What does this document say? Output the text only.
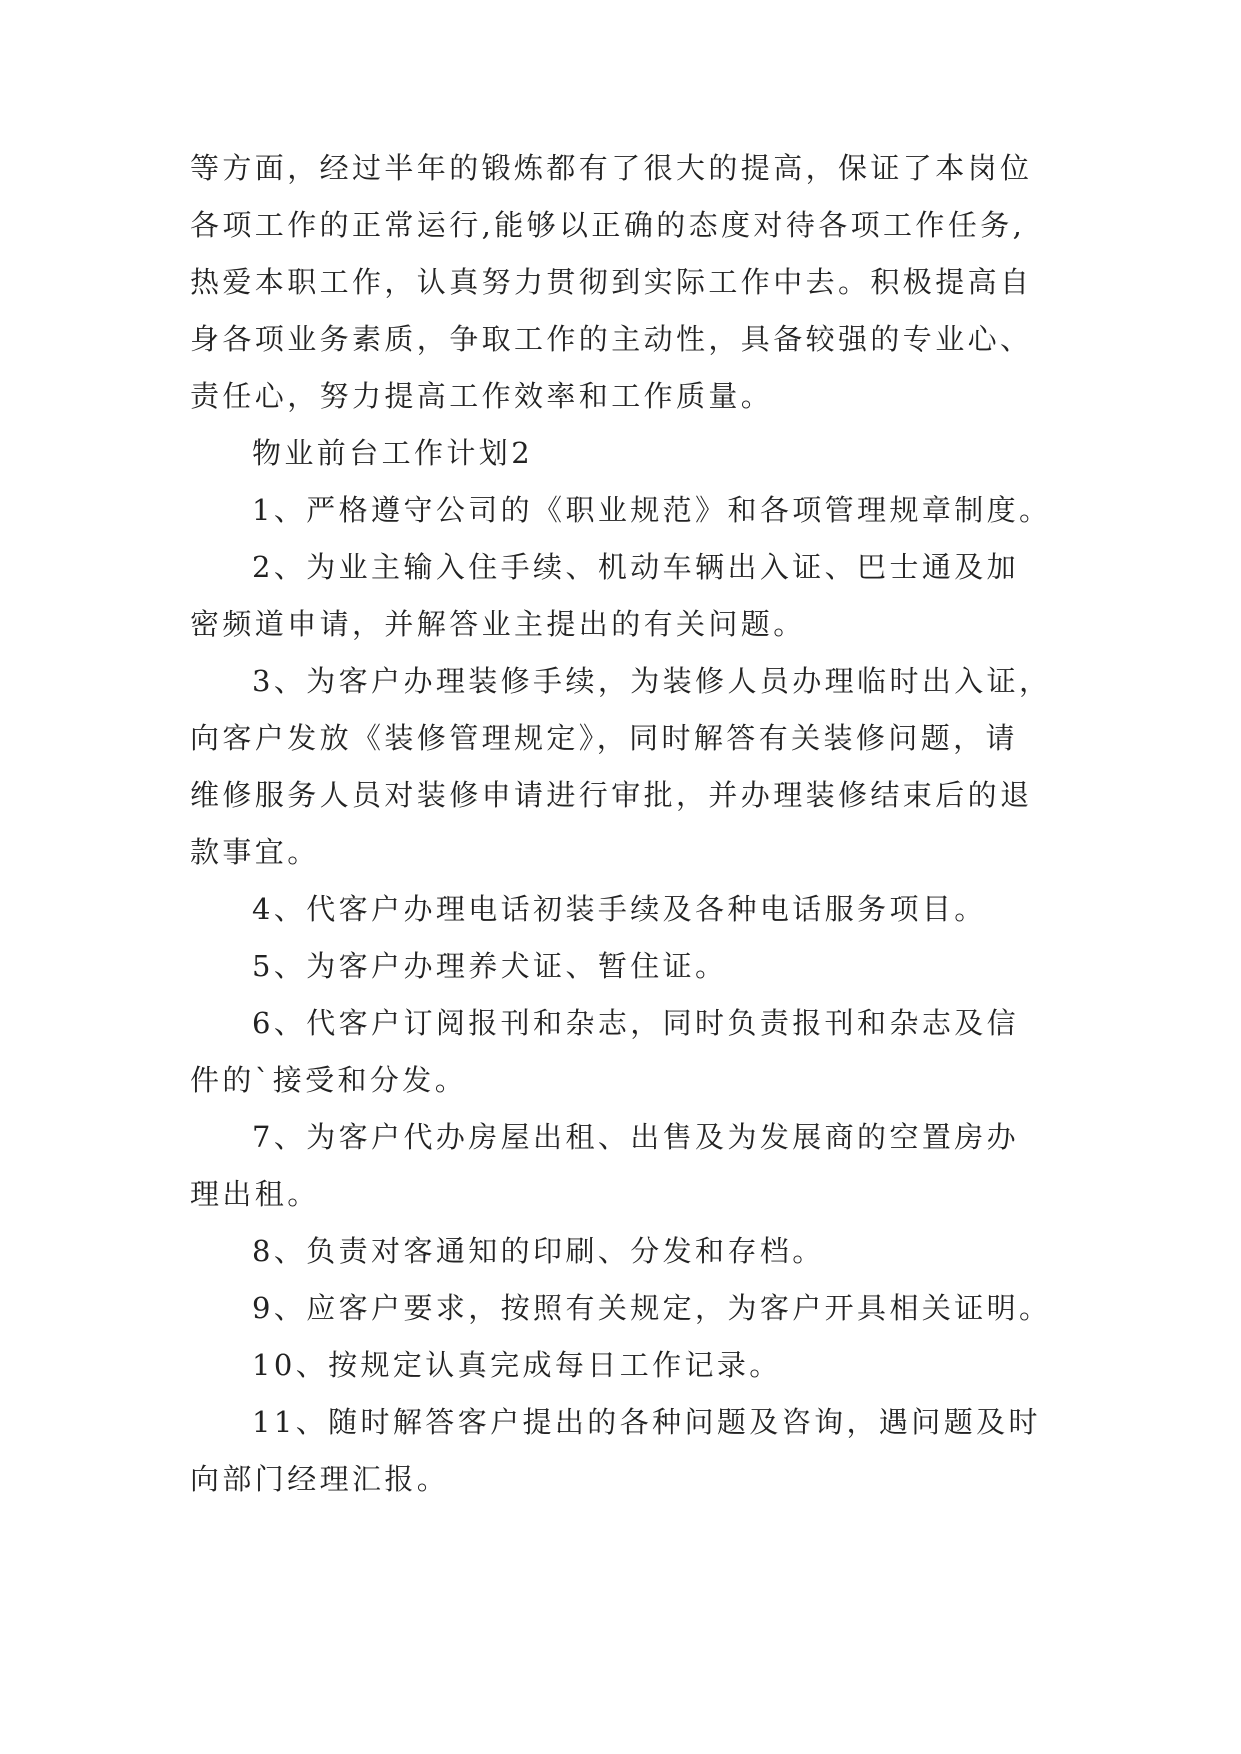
等方面，经过半年的锻炼都有了很大的提高，保证了本岗位
各项工作的正常运行,能够以正确的态度对待各项工作任务,
热爱本职工作，认真努力贯彻到实际工作中去。积极提高自
身各项业务素质，争取工作的主动性，具备较强的专业心、
责任心，努力提高工作效率和工作质量。
物业前台工作计划2
1、严格遵守公司的《职业规范》和各项管理规章制度。
2、为业主输入住手续、机动车辆出入证、巴士通及加
密频道申请，并解答业主提出的有关问题。
3、为客户办理装修手续，为装修人员办理临时出入证，
向客户发放《装修管理规定》，同时解答有关装修问题，请
维修服务人员对装修申请进行审批，并办理装修结束后的退
款事宜。
4、代客户办理电话初装手续及各种电话服务项目。
5、为客户办理养犬证、暂住证。
6、代客户订阅报刊和杂志，同时负责报刊和杂志及信
件的`接受和分发。
7、为客户代办房屋出租、出售及为发展商的空置房办
理出租。
8、负责对客通知的印刷、分发和存档。
9、应客户要求，按照有关规定，为客户开具相关证明。
10、按规定认真完成每日工作记录。
11、随时解答客户提出的各种问题及咨询，遇问题及时
向部门经理汇报。
